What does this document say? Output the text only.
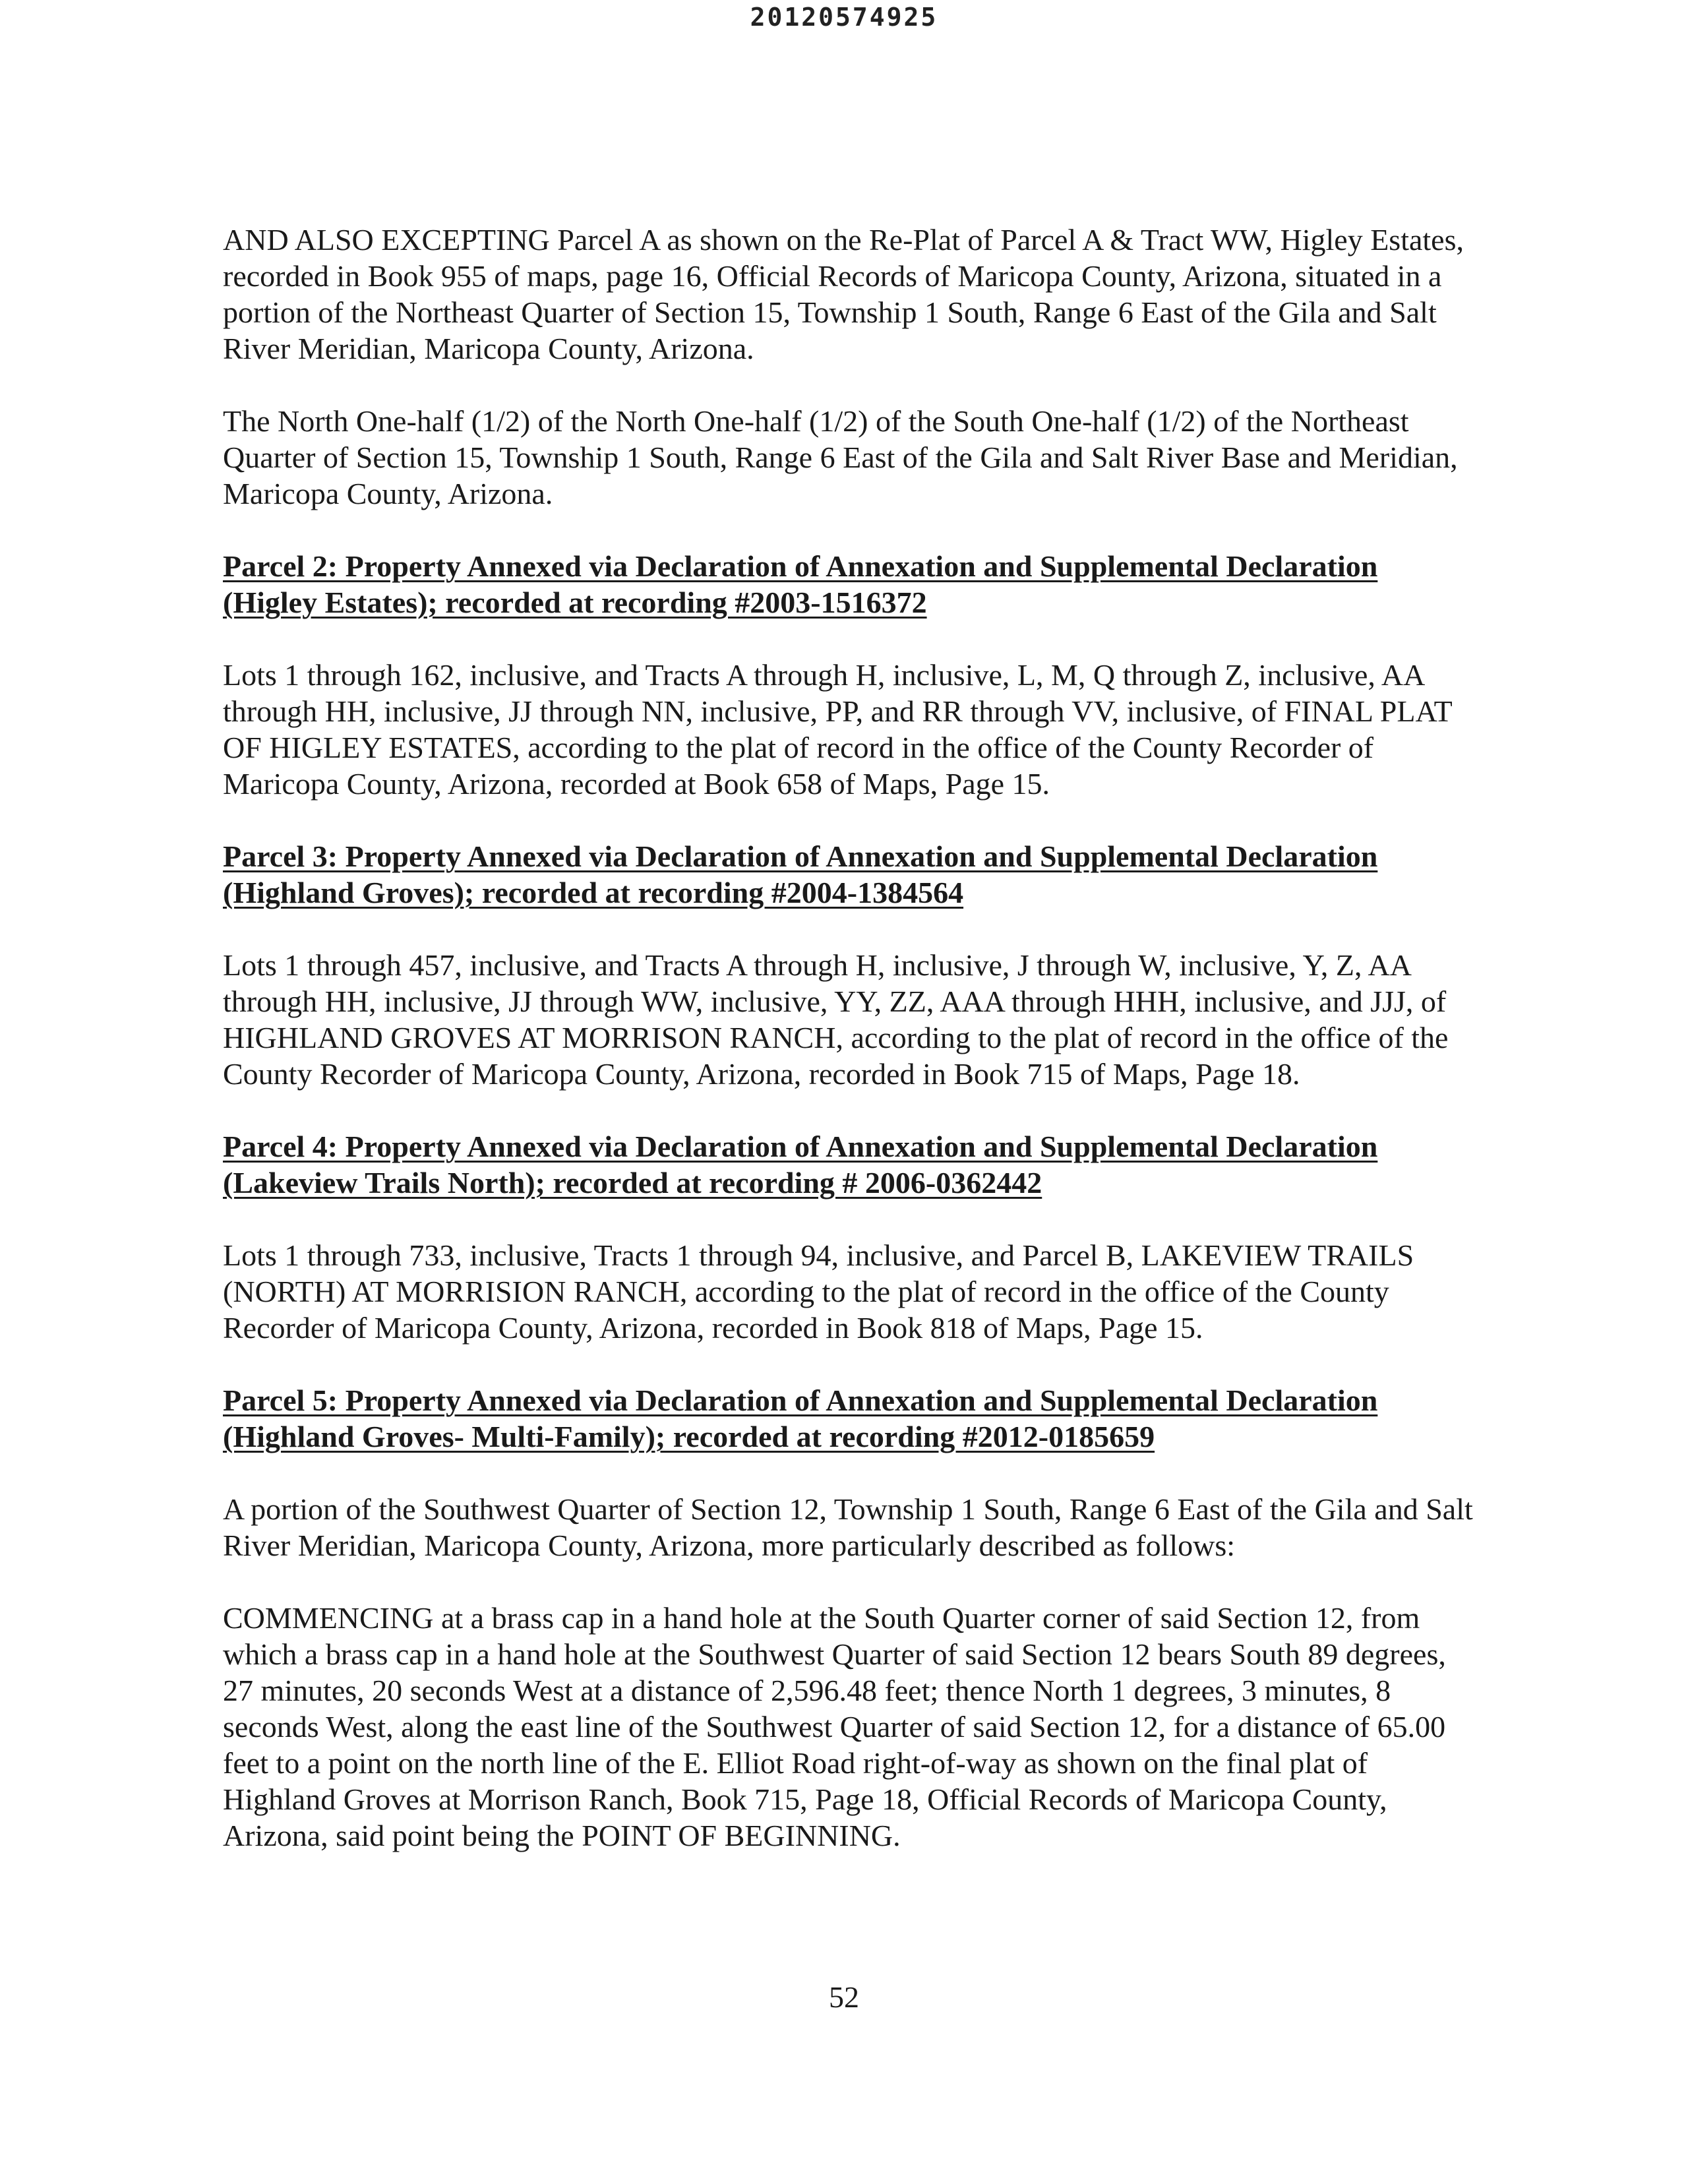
20120574925

AND ALSO EXCEPTING Parcel A as shown on the Re-Plat of Parcel A & Tract WW, Higley Estates, recorded in Book 955 of maps, page 16, Official Records of Maricopa County, Arizona, situated in a portion of the Northeast Quarter of Section 15, Township 1 South, Range 6 East of the Gila and Salt River Meridian, Maricopa County, Arizona.

The North One-half (1/2) of the North One-half (1/2) of the South One-half (1/2) of the Northeast Quarter of Section 15, Township 1 South, Range 6 East of the Gila and Salt River Base and Meridian, Maricopa County, Arizona.

Parcel 2: Property Annexed via Declaration of Annexation and Supplemental Declaration (Higley Estates); recorded at recording #2003-1516372

Lots 1 through 162, inclusive, and Tracts A through H, inclusive, L, M, Q through Z, inclusive, AA through HH, inclusive, JJ through NN, inclusive, PP, and RR through VV, inclusive, of FINAL PLAT OF HIGLEY ESTATES, according to the plat of record in the office of the County Recorder of Maricopa County, Arizona, recorded at Book 658 of Maps, Page 15.

Parcel 3: Property Annexed via Declaration of Annexation and Supplemental Declaration (Highland Groves); recorded at recording #2004-1384564

Lots 1 through 457, inclusive, and Tracts A through H, inclusive, J through W, inclusive, Y, Z, AA through HH, inclusive, JJ through WW, inclusive, YY, ZZ, AAA through HHH, inclusive, and JJJ, of HIGHLAND GROVES AT MORRISON RANCH, according to the plat of record in the office of the County Recorder of Maricopa County, Arizona, recorded in Book 715 of Maps, Page 18.

Parcel 4: Property Annexed via Declaration of Annexation and Supplemental Declaration (Lakeview Trails North); recorded at recording # 2006-0362442

Lots 1 through 733, inclusive, Tracts 1 through 94, inclusive, and Parcel B, LAKEVIEW TRAILS (NORTH) AT MORRISION RANCH, according to the plat of record in the office of the County Recorder of Maricopa County, Arizona, recorded in Book 818 of Maps, Page 15.

Parcel 5: Property Annexed via Declaration of Annexation and Supplemental Declaration (Highland Groves- Multi-Family); recorded at recording #2012-0185659

A portion of the Southwest Quarter of Section 12, Township 1 South, Range 6 East of the Gila and Salt River Meridian, Maricopa County, Arizona, more particularly described as follows:

COMMENCING at a brass cap in a hand hole at the South Quarter corner of said Section 12, from which a brass cap in a hand hole at the Southwest Quarter of said Section 12 bears South 89 degrees, 27 minutes, 20 seconds West at a distance of 2,596.48 feet; thence North 1 degrees, 3 minutes, 8 seconds West, along the east line of the Southwest Quarter of said Section 12, for a distance of 65.00 feet to a point on the north line of the E. Elliot Road right-of-way as shown on the final plat of Highland Groves at Morrison Ranch, Book 715, Page 18, Official Records of Maricopa County, Arizona, said point being the POINT OF BEGINNING.

52
